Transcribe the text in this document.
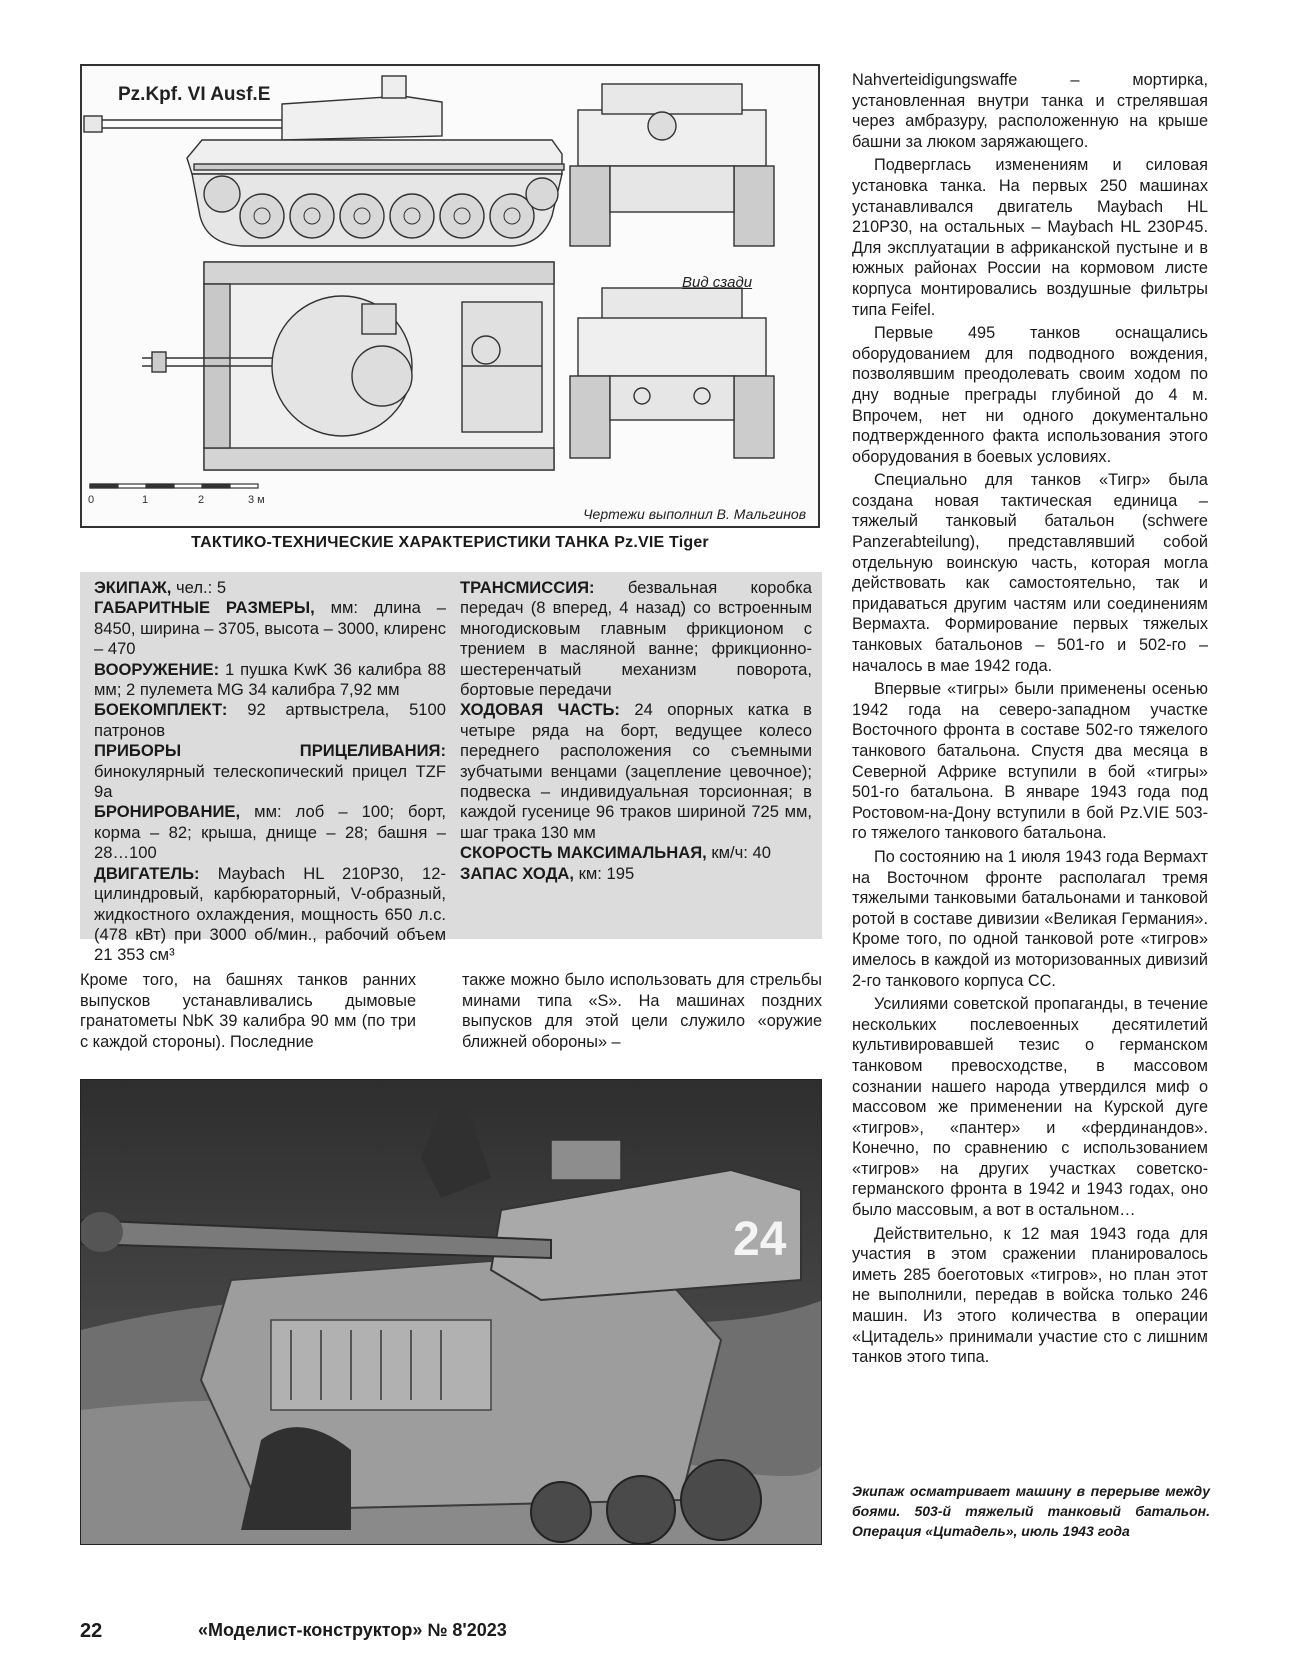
Pz.Kpf. VI Ausf.E
Вид сзади
0	1	2	3 м
Чертежи выполнил В. Мальгинов
ТАКТИКО-ТЕХНИЧЕСКИЕ ХАРАКТЕРИСТИКИ ТАНКА Pz.VIE Tiger

ЭКИПАЖ, чел.: 5

ГАБАРИТНЫЕ РАЗМЕРЫ, мм: длина – 8450, ширина – 3705, высота – 3000, клиренс – 470

ВООРУЖЕНИЕ: 1 пушка KwK 36 калибра 88 мм; 2 пулемета MG 34 калибра 7,92 мм

БОЕКОМПЛЕКТ: 92 артвыстрела, 5100 патронов

ПРИБОРЫ ПРИЦЕЛИВАНИЯ: бинокулярный телескопический прицел TZF 9a

БРОНИРОВАНИЕ, мм: лоб – 100; борт, корма – 82; крыша, днище – 28; башня – 28…100

ДВИГАТЕЛЬ: Maybach HL 210P30, 12-цилиндровый, карбюраторный, V-образный, жидкостного охлаждения, мощность 650 л.с. (478 кВт) при 3000 об/мин., рабочий объем 21 353 см³

ТРАНСМИССИЯ: безвальная коробка передач (8 вперед, 4 назад) со встроенным многодисковым главным фрикционом с трением в масляной ванне; фрикционно-шестеренчатый механизм поворота, бортовые передачи

ХОДОВАЯ ЧАСТЬ: 24 опорных катка в четыре ряда на борт, ведущее колесо переднего расположения со съемными зубчатыми венцами (зацепление цевочное); подвеска – индивидуальная торсионная; в каждой гусенице 96 траков шириной 725 мм, шаг трака 130 мм

СКОРОСТЬ МАКСИМАЛЬНАЯ, км/ч: 40

ЗАПАС ХОДА, км: 195

Кроме того, на башнях танков ранних выпусков устанавливались дымовые гранатометы NbK 39 калибра 90 мм (по три с каждой стороны). Последние

также можно было использовать для стрельбы минами типа «S». На машинах поздних выпусков для этой цели служило «оружие ближней обороны» –

Nahverteidigungswaffe – мортирка, установленная внутри танка и стрелявшая через амбразуру, расположенную на крыше башни за люком заряжающего.

Подверглась изменениям и силовая установка танка. На первых 250 машинах устанавливался двигатель Maybach HL 210P30, на остальных – Maybach HL 230P45. Для эксплуатации в африканской пустыне и в южных районах России на кормовом листе корпуса монтировались воздушные фильтры типа Feifel.

Первые 495 танков оснащались оборудованием для подводного вождения, позволявшим преодолевать своим ходом по дну водные преграды глубиной до 4 м. Впрочем, нет ни одного документально подтвержденного факта использования этого оборудования в боевых условиях.

Специально для танков «Тигр» была создана новая тактическая единица – тяжелый танковый батальон (schwere Panzerabteilung), представлявший собой отдельную воинскую часть, которая могла действовать как самостоятельно, так и придаваться другим частям или соединениям Вермахта. Формирование первых тяжелых танковых батальонов – 501-го и 502-го – началось в мае 1942 года.

Впервые «тигры» были применены осенью 1942 года на северо-западном участке Восточного фронта в составе 502-го тяжелого танкового батальона. Спустя два месяца в Северной Африке вступили в бой «тигры» 501-го батальона. В январе 1943 года под Ростовом-на-Дону вступили в бой Pz.VIE 503-го тяжелого танкового батальона.

По состоянию на 1 июля 1943 года Вермахт на Восточном фронте располагал тремя тяжелыми танковыми батальонами и танковой ротой в составе дивизии «Великая Германия». Кроме того, по одной танковой роте «тигров» имелось в каждой из моторизованных дивизий 2-го танкового корпуса СС.

Усилиями советской пропаганды, в течение нескольких послевоенных десятилетий культивировавшей тезис о германском танковом превосходстве, в массовом сознании нашего народа утвердился миф о массовом же применении на Курской дуге «тигров», «пантер» и «фердинандов». Конечно, по сравнению с использованием «тигров» на других участках советско-германского фронта в 1942 и 1943 годах, оно было массовым, а вот в остальном…

Действительно, к 12 мая 1943 года для участия в этом сражении планировалось иметь 285 боеготовых «тигров», но план этот не выполнили, передав в войска только 246 машин. Из этого количества в операции «Цитадель» принимали участие сто с лишним танков этого типа.

24
Экипаж осматривает машину в перерыве между боями. 503-й тяжелый танковый батальон. Операция «Цитадель», июль 1943 года
22	«Моделист-конструктор» № 8'2023
